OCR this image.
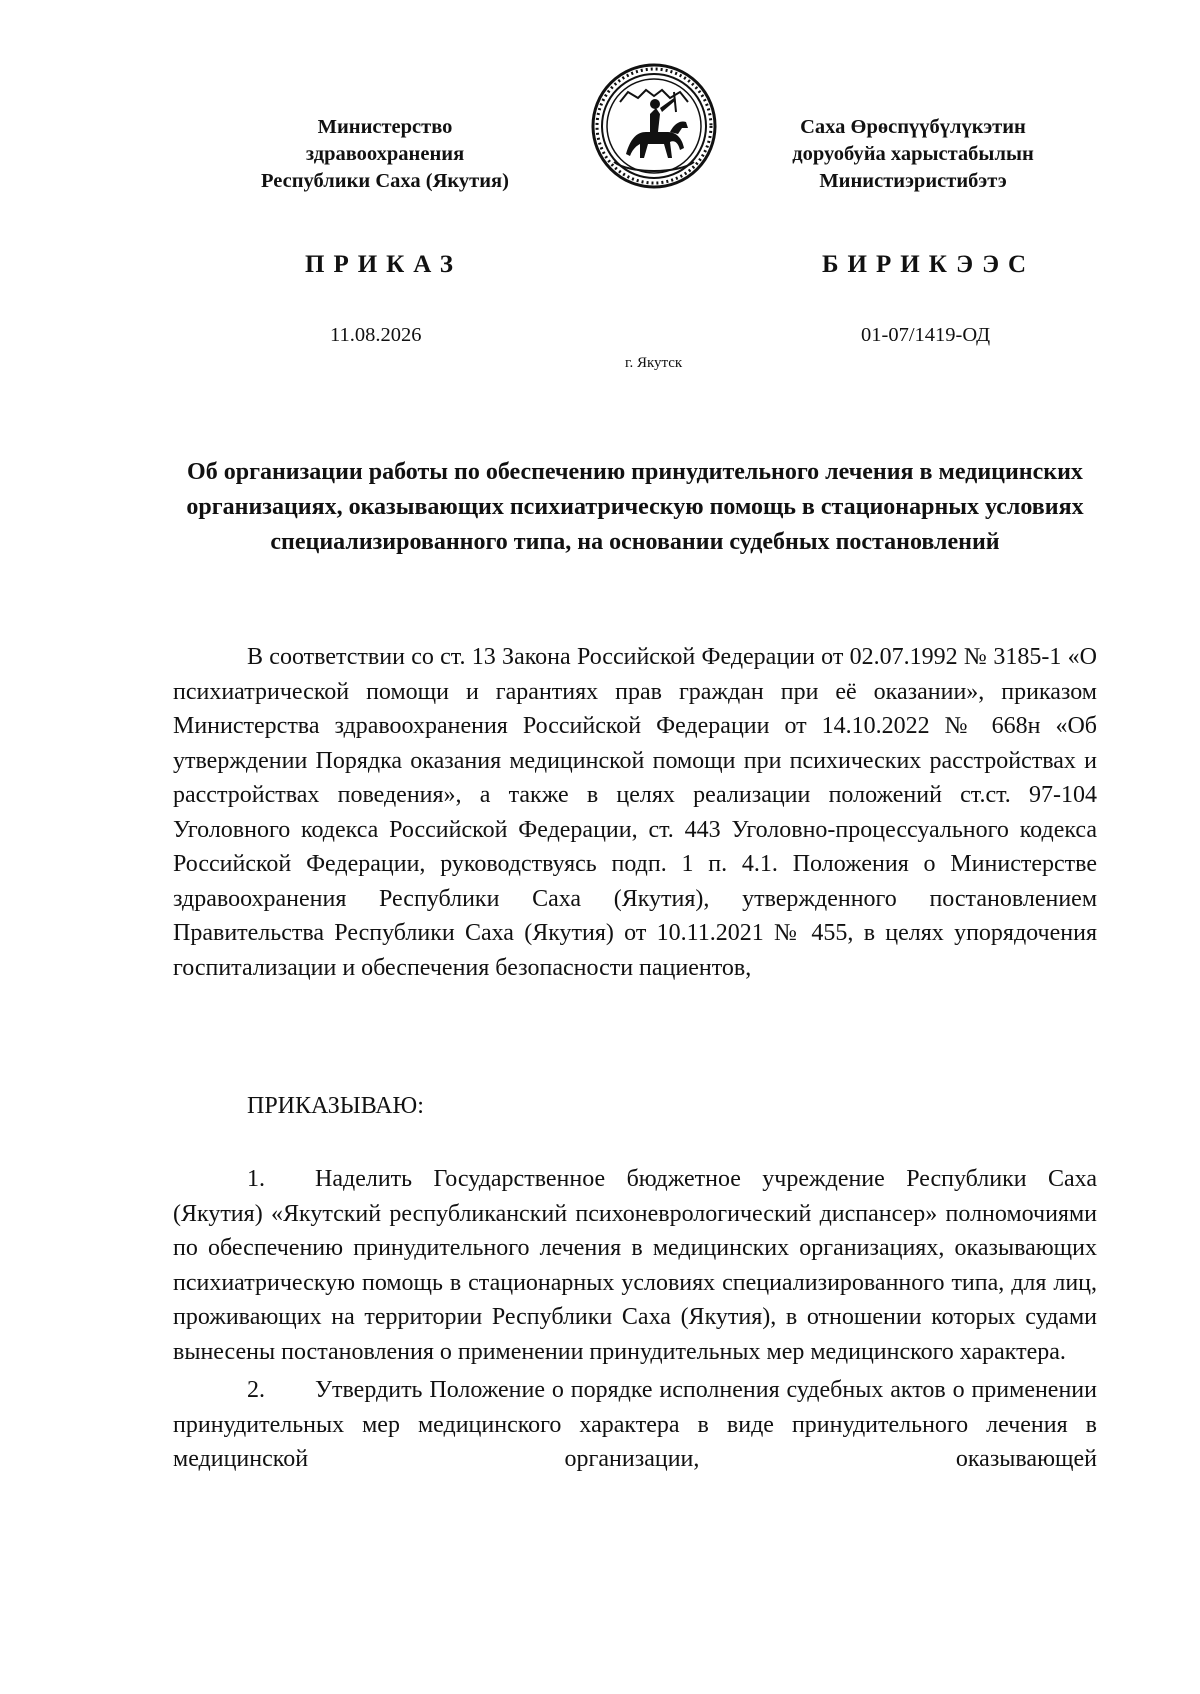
Министерство
здравоохранения
Республики Саха (Якутия)
Саха Өрөспүүбүлүкэтин
доруобуйа харыстабылын
Министиэристибэтэ
ПРИКАЗ	БИРИКЭЭС
11.08.2026	01-07/1419-ОД
г. Якутск
Об организации работы по обеспечению принудительного лечения в медицинских организациях, оказывающих психиатрическую помощь в стационарных условиях специализированного типа, на основании судебных постановлений

В соответствии со ст. 13 Закона Российской Федерации от 02.07.1992 № 3185-1 «О психиатрической помощи и гарантиях прав граждан при её оказании», приказом Министерства здравоохранения Российской Федерации от 14.10.2022 № 668н «Об утверждении Порядка оказания медицинской помощи при психических расстройствах и расстройствах поведения», а также в целях реализации положений ст.ст. 97-104 Уголовного кодекса Российской Федерации, ст. 443 Уголовно-процессуального кодекса Российской Федерации, руководствуясь подп. 1 п. 4.1. Положения о Министерстве здравоохранения Республики Саха (Якутия), утвержденного постановлением Правительства Республики Саха (Якутия) от 10.11.2021 № 455, в целях упорядочения госпитализации и обеспечения безопасности пациентов,

ПРИКАЗЫВАЮ:

1. Наделить Государственное бюджетное учреждение Республики Саха (Якутия) «Якутский республиканский психоневрологический диспансер» полномочиями по обеспечению принудительного лечения в медицинских организациях, оказывающих психиатрическую помощь в стационарных условиях специализированного типа, для лиц, проживающих на территории Республики Саха (Якутия), в отношении которых судами вынесены постановления о применении принудительных мер медицинского характера.

2. Утвердить Положение о порядке исполнения судебных актов о применении принудительных мер медицинского характера в виде принудительного лечения в медицинской организации, оказывающей
